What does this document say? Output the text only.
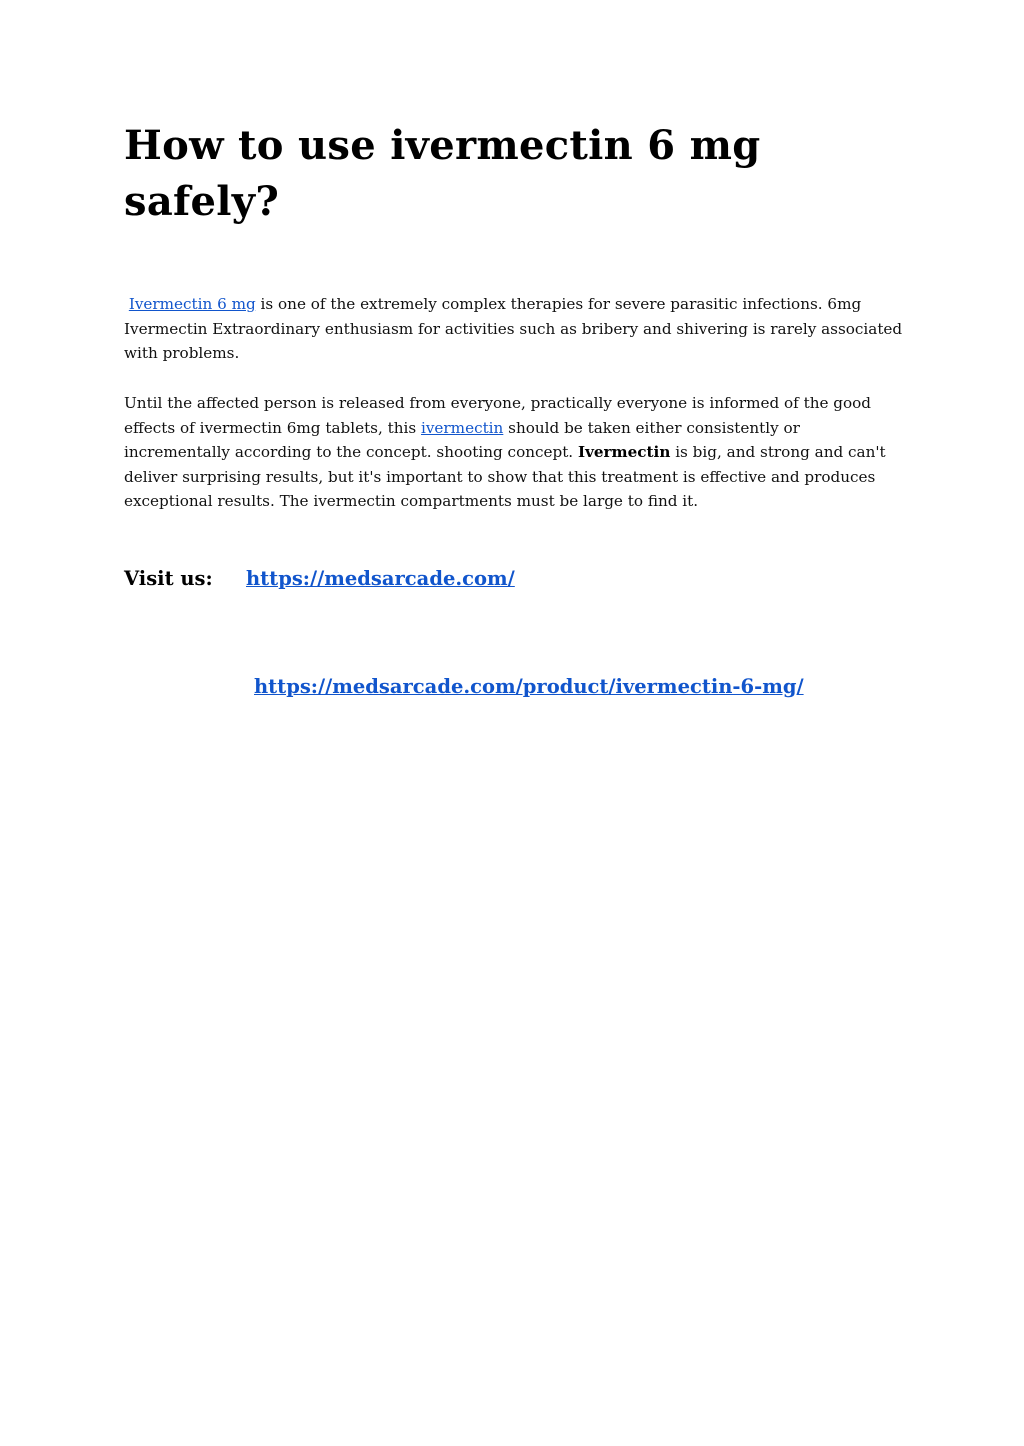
How to use ivermectin 6 mg safely?

Ivermectin 6 mg is one of the extremely complex therapies for severe parasitic infections. 6mg Ivermectin Extraordinary enthusiasm for activities such as bribery and shivering is rarely associated with problems.

Until the affected person is released from everyone, practically everyone is informed of the good effects of ivermectin 6mg tablets, this ivermectin should be taken either consistently or incrementally according to the concept. shooting concept. Ivermectin is big, and strong and can't deliver surprising results, but it's important to show that this treatment is effective and produces exceptional results. The ivermectin compartments must be large to find it.

Visit us: https://medsarcade.com/
https://medsarcade.com/product/ivermectin-6-mg/
